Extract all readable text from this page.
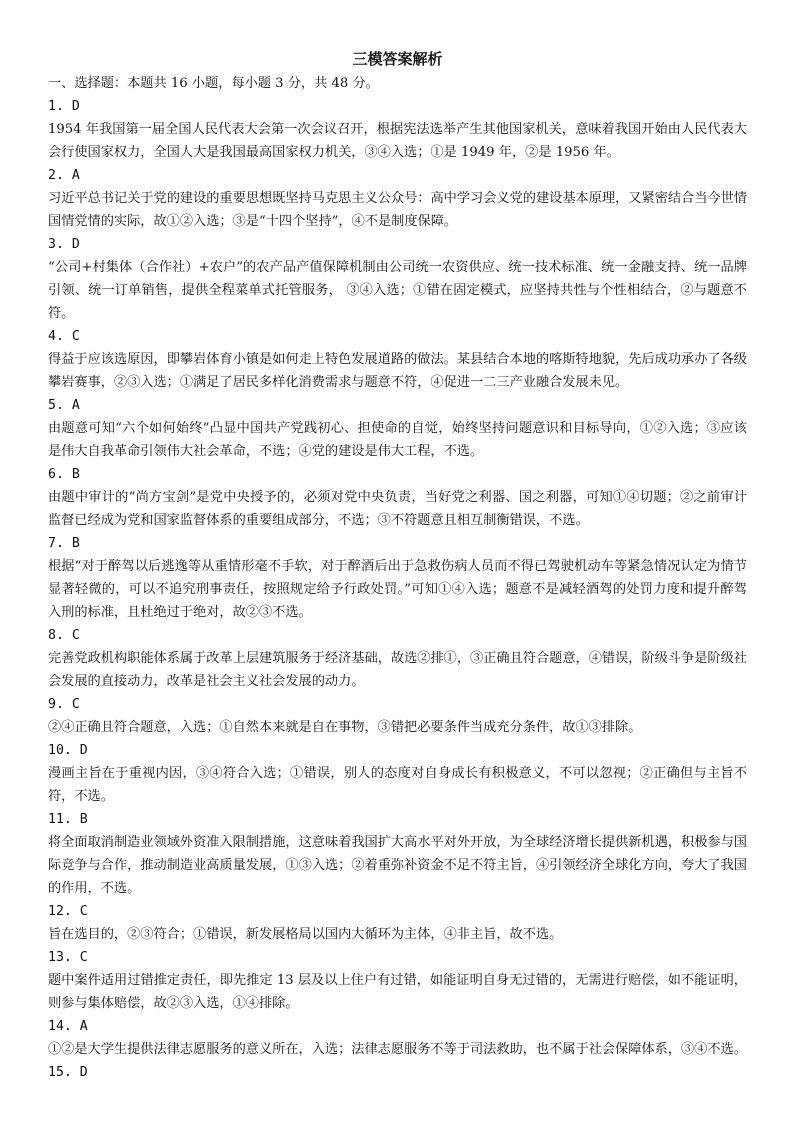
三模答案解析
一、选择题：本题共 16 小题，每小题 3 分，共 48 分。
1. D
1954 年我国第一届全国人民代表大会第一次会议召开，根据宪法选举产生其他国家机关，意味着我国开始由人民代表大会行使国家权力，全国人大是我国最高国家权力机关，③④入选；①是 1949 年，②是 1956 年。
2. A
习近平总书记关于党的建设的重要思想既坚持马克思主义公众号：高中学习会义党的建设基本原理，又紧密结合当今世情国情党情的实际，故①②入选；③是“十四个坚持”，④不是制度保障。
3. D
“公司+村集体（合作社）+农户”的农产品产值保障机制由公司统一农资供应、统一技术标准、统一金融支持、统一品牌引领、统一订单销售，提供全程菜单式托管服务， ③④入选；①错在固定模式，应坚持共性与个性相结合，②与题意不符。
4. C
得益于应该选原因，即攀岩体育小镇是如何走上特色发展道路的做法。某县结合本地的喀斯特地貌，先后成功承办了各级攀岩赛事，②③入选；①满足了居民多样化消费需求与题意不符，④促进一二三产业融合发展未见。
5. A
由题意可知“六个如何始终”凸显中国共产党践初心、担使命的自觉，始终坚持问题意识和目标导向，①②入选；③应该是伟大自我革命引领伟大社会革命，不选；④党的建设是伟大工程，不选。
6. B
由题中审计的“尚方宝剑”是党中央授予的，必须对党中央负责，当好党之利器、国之利器，可知①④切题；②之前审计监督已经成为党和国家监督体系的重要组成部分，不选；③不符题意且相互制衡错误，不选。
7. B
根据“对于醉驾以后逃逸等从重情形毫不手软，对于醉酒后出于急救伤病人员而不得已驾驶机动车等紧急情况认定为情节显著轻微的，可以不追究刑事责任，按照规定给予行政处罚。”可知①④入选；题意不是减轻酒驾的处罚力度和提升醉驾入刑的标准，且杜绝过于绝对，故②③不选。
8. C
完善党政机构职能体系属于改革上层建筑服务于经济基础，故选②排①，③正确且符合题意，④错误，阶级斗争是阶级社会发展的直接动力，改革是社会主义社会发展的动力。
9. C
②④正确且符合题意，入选；①自然本来就是自在事物，③错把必要条件当成充分条件，故①③排除。
10. D
漫画主旨在于重视内因，③④符合入选；①错误，别人的态度对自身成长有积极意义，不可以忽视；②正确但与主旨不符，不选。
11. B
将全面取消制造业领域外资准入限制措施，这意味着我国扩大高水平对外开放，为全球经济增长提供新机遇，积极参与国际竞争与合作，推动制造业高质量发展，①③入选；②着重弥补资金不足不符主旨，④引领经济全球化方向，夸大了我国的作用，不选。
12. C
旨在选目的，②③符合；①错误，新发展格局以国内大循环为主体，④非主旨，故不选。
13. C
题中案件适用过错推定责任，即先推定 13 层及以上住户有过错，如能证明自身无过错的，无需进行赔偿，如不能证明，则参与集体赔偿，故②③入选，①④排除。
14. A
①②是大学生提供法律志愿服务的意义所在，入选；法律志愿服务不等于司法救助，也不属于社会保障体系，③④不选。
15. D
